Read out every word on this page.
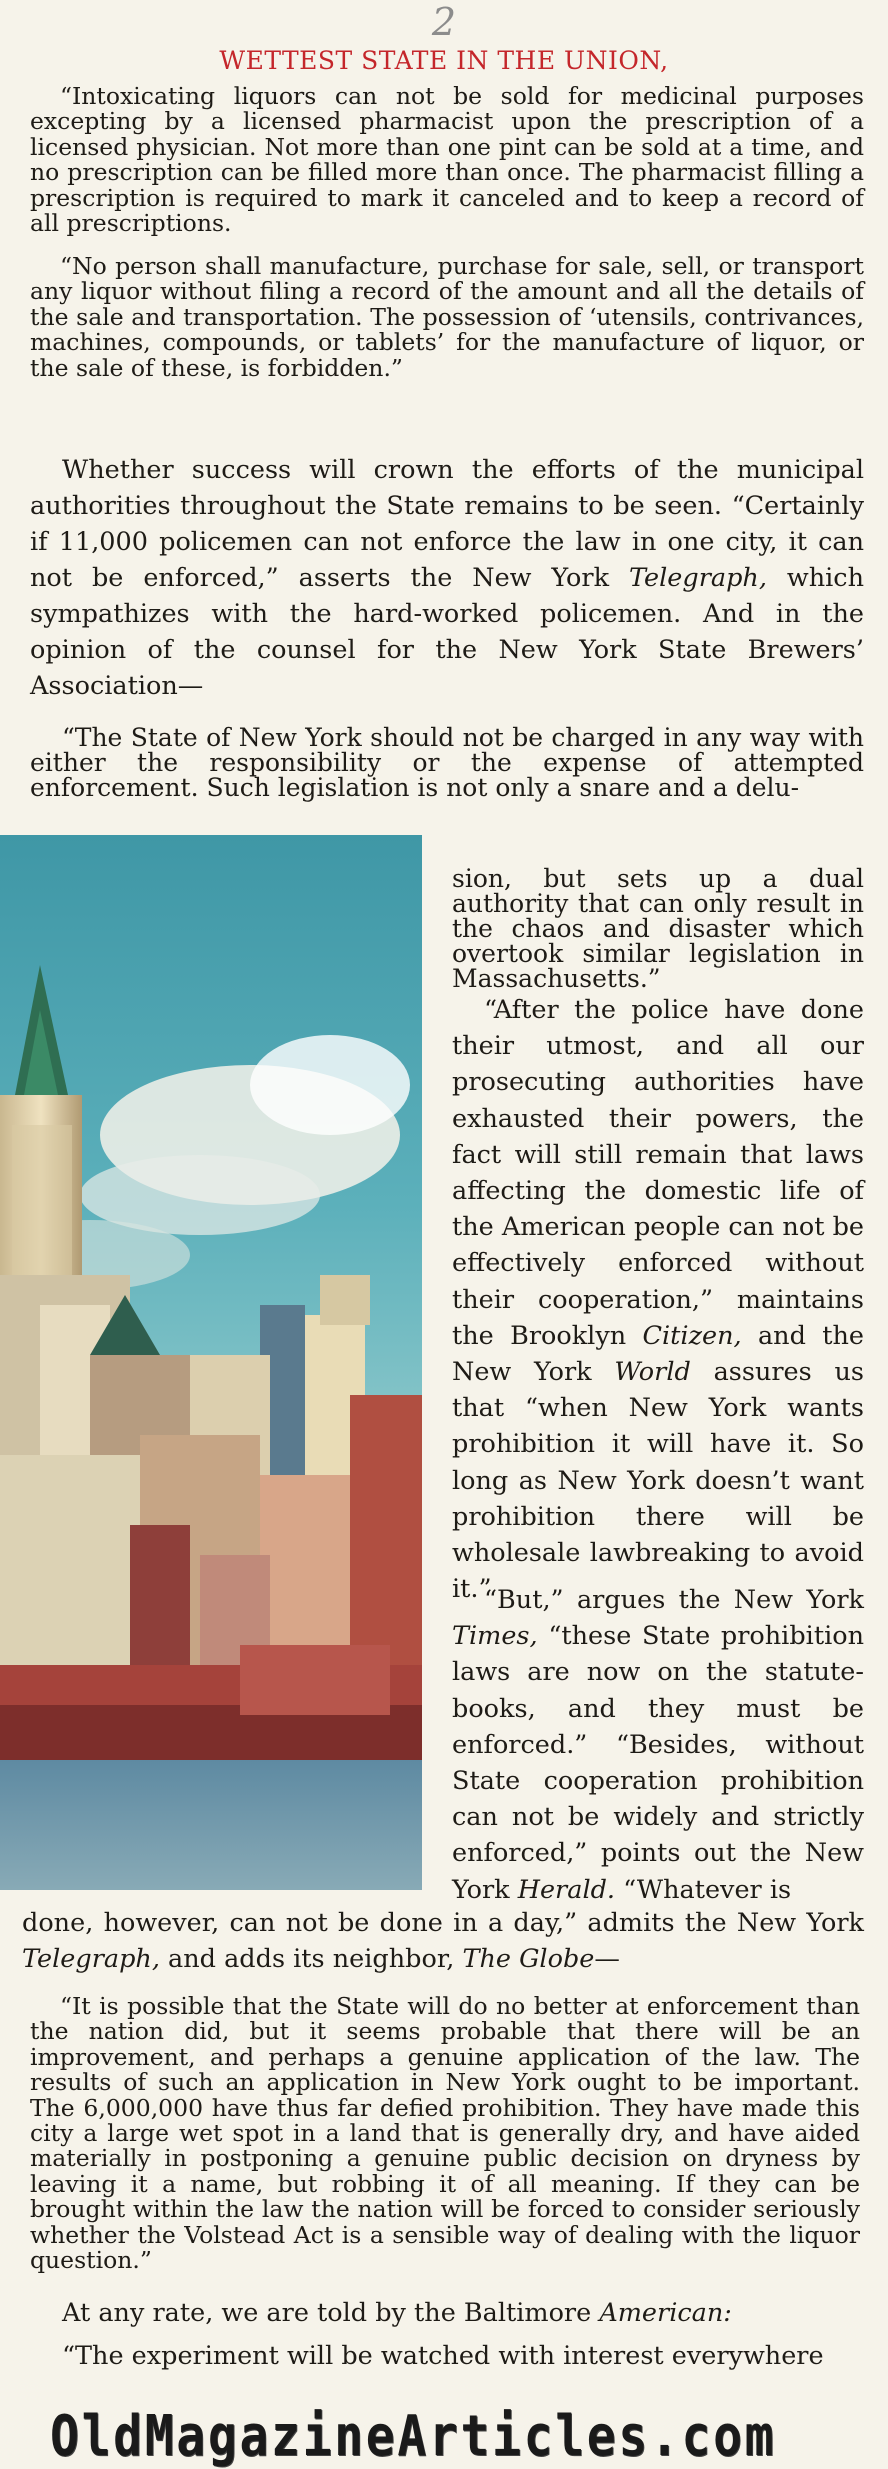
2
WETTEST STATE IN THE UNION,

“Intoxicating liquors can not be sold for medicinal purposes excepting by a licensed pharmacist upon the prescription of a licensed physician. Not more than one pint can be sold at a time, and no prescription can be filled more than once. The pharmacist filling a prescription is required to mark it canceled and to keep a record of all prescriptions.

“No person shall manufacture, purchase for sale, sell, or transport any liquor without filing a record of the amount and all the details of the sale and transportation. The possession of ‘utensils, contrivances, machines, compounds, or tablets’ for the manufacture of liquor, or the sale of these, is forbidden.”

Whether success will crown the efforts of the municipal authorities throughout the State remains to be seen. “Certainly if 11,000 policemen can not enforce the law in one city, it can not be enforced,” asserts the New York Telegraph, which sympathizes with the hard-worked policemen. And in the opinion of the counsel for the New York State Brewers’ Association—

“The State of New York should not be charged in any way with either the responsibility or the expense of attempted enforcement. Such legislation is not only a snare and a delu-

sion, but sets up a dual authority that can only result in the chaos and disaster which overtook similar legislation in Massachusetts.”

“After the police have done their utmost, and all our prosecuting authorities have exhausted their powers, the fact will still remain that laws affecting the domestic life of the American people can not be effectively enforced without their cooperation,” maintains the Brooklyn Citizen, and the New York World assures us that “when New York wants prohibition it will have it. So long as New York doesn’t want prohibition there will be wholesale lawbreaking to avoid it.”

“But,” argues the New York Times, “these State prohibition laws are now on the statute-books, and they must be enforced.” “Besides, without State cooperation prohibition can not be widely and strictly enforced,” points out the New York Herald. “Whatever is

done, however, can not be done in a day,” admits the New York Telegraph, and adds its neighbor, The Globe—

“It is possible that the State will do no better at enforcement than the nation did, but it seems probable that there will be an improvement, and perhaps a genuine application of the law. The results of such an application in New York ought to be important. The 6,000,000 have thus far defied prohibition. They have made this city a large wet spot in a land that is generally dry, and have aided materially in postponing a genuine public decision on dryness by leaving it a name, but robbing it of all meaning. If they can be brought within the law the nation will be forced to consider seriously whether the Volstead Act is a sensible way of dealing with the liquor question.”

At any rate, we are told by the Baltimore American:

“The experiment will be watched with interest everywhere

OldMagazineArticles.com
